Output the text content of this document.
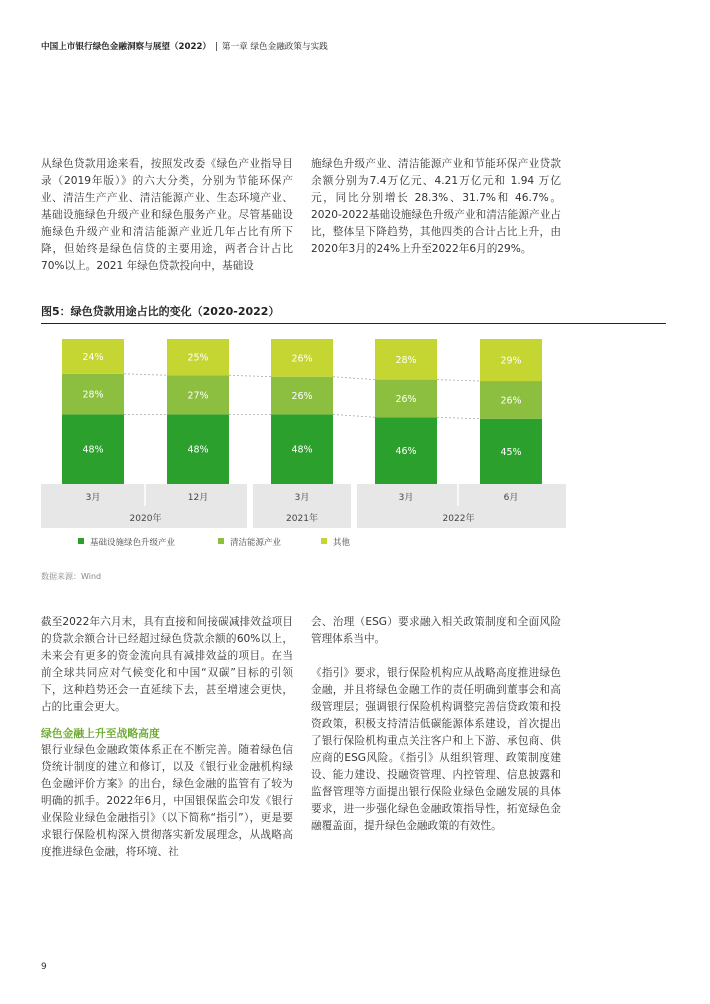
中国上市银行绿色金融洞察与展望（2022） | 第一章 绿色金融政策与实践

从绿色贷款用途来看，按照发改委《绿色产业指导目录（2019年版）》的六大分类，分别为节能环保产业、清洁生产产业、清洁能源产业、生态环境产业、基础设施绿色升级产业和绿色服务产业。尽管基础设施绿色升级产业和清洁能源产业近几年占比有所下降，但始终是绿色信贷的主要用途，两者合计占比70%以上。2021 年绿色贷款投向中，基础设

施绿色升级产业、清洁能源产业和节能环保产业贷款余额分别为7.4万亿元、4.21万亿元和 1.94 万亿元，同比分别增长 28.3%、31.7%和 46.7%。2020-2022基础设施绿色升级产业和清洁能源产业占比，整体呈下降趋势，其他四类的合计占比上升，由2020年3月的24%上升至2022年6月的29%。

图5：绿色贷款用途占比的变化（2020-2022）
48%
28%
24%
48%
27%
25%
48%
26%
26%
46%
26%
28%
45%
26%
29%
3月	12月	3月	3月	6月
2020年	2021年	2022年
基础设施绿色升级产业	清洁能源产业	其他
数据来源：Wind

截至2022年六月末，具有直接和间接碳减排效益项目的贷款余额合计已经超过绿色贷款余额的60%以上，未来会有更多的资金流向具有减排效益的项目。在当前全球共同应对气候变化和中国“双碳”目标的引领下，这种趋势还会一直延续下去，甚至增速会更快，占的比重会更大。

绿色金融上升至战略高度

银行业绿色金融政策体系正在不断完善。随着绿色信贷统计制度的建立和修订，以及《银行业金融机构绿色金融评价方案》的出台，绿色金融的监管有了较为明确的抓手。2022年6月，中国银保监会印发《银行业保险业绿色金融指引》（以下简称“指引”），更是要求银行保险机构深入贯彻落实新发展理念，从战略高度推进绿色金融，将环境、社

会、治理（ESG）要求融入相关政策制度和全面风险管理体系当中。

《指引》要求，银行保险机构应从战略高度推进绿色金融，并且将绿色金融工作的责任明确到董事会和高级管理层；强调银行保险机构调整完善信贷政策和投资政策，积极支持清洁低碳能源体系建设，首次提出了银行保险机构重点关注客户和上下游、承包商、供应商的ESG风险。《指引》从组织管理、政策制度建设、能力建设、投融资管理、内控管理、信息披露和监督管理等方面提出银行保险业绿色金融发展的具体要求，进一步强化绿色金融政策指导性，拓宽绿色金融覆盖面，提升绿色金融政策的有效性。

9
